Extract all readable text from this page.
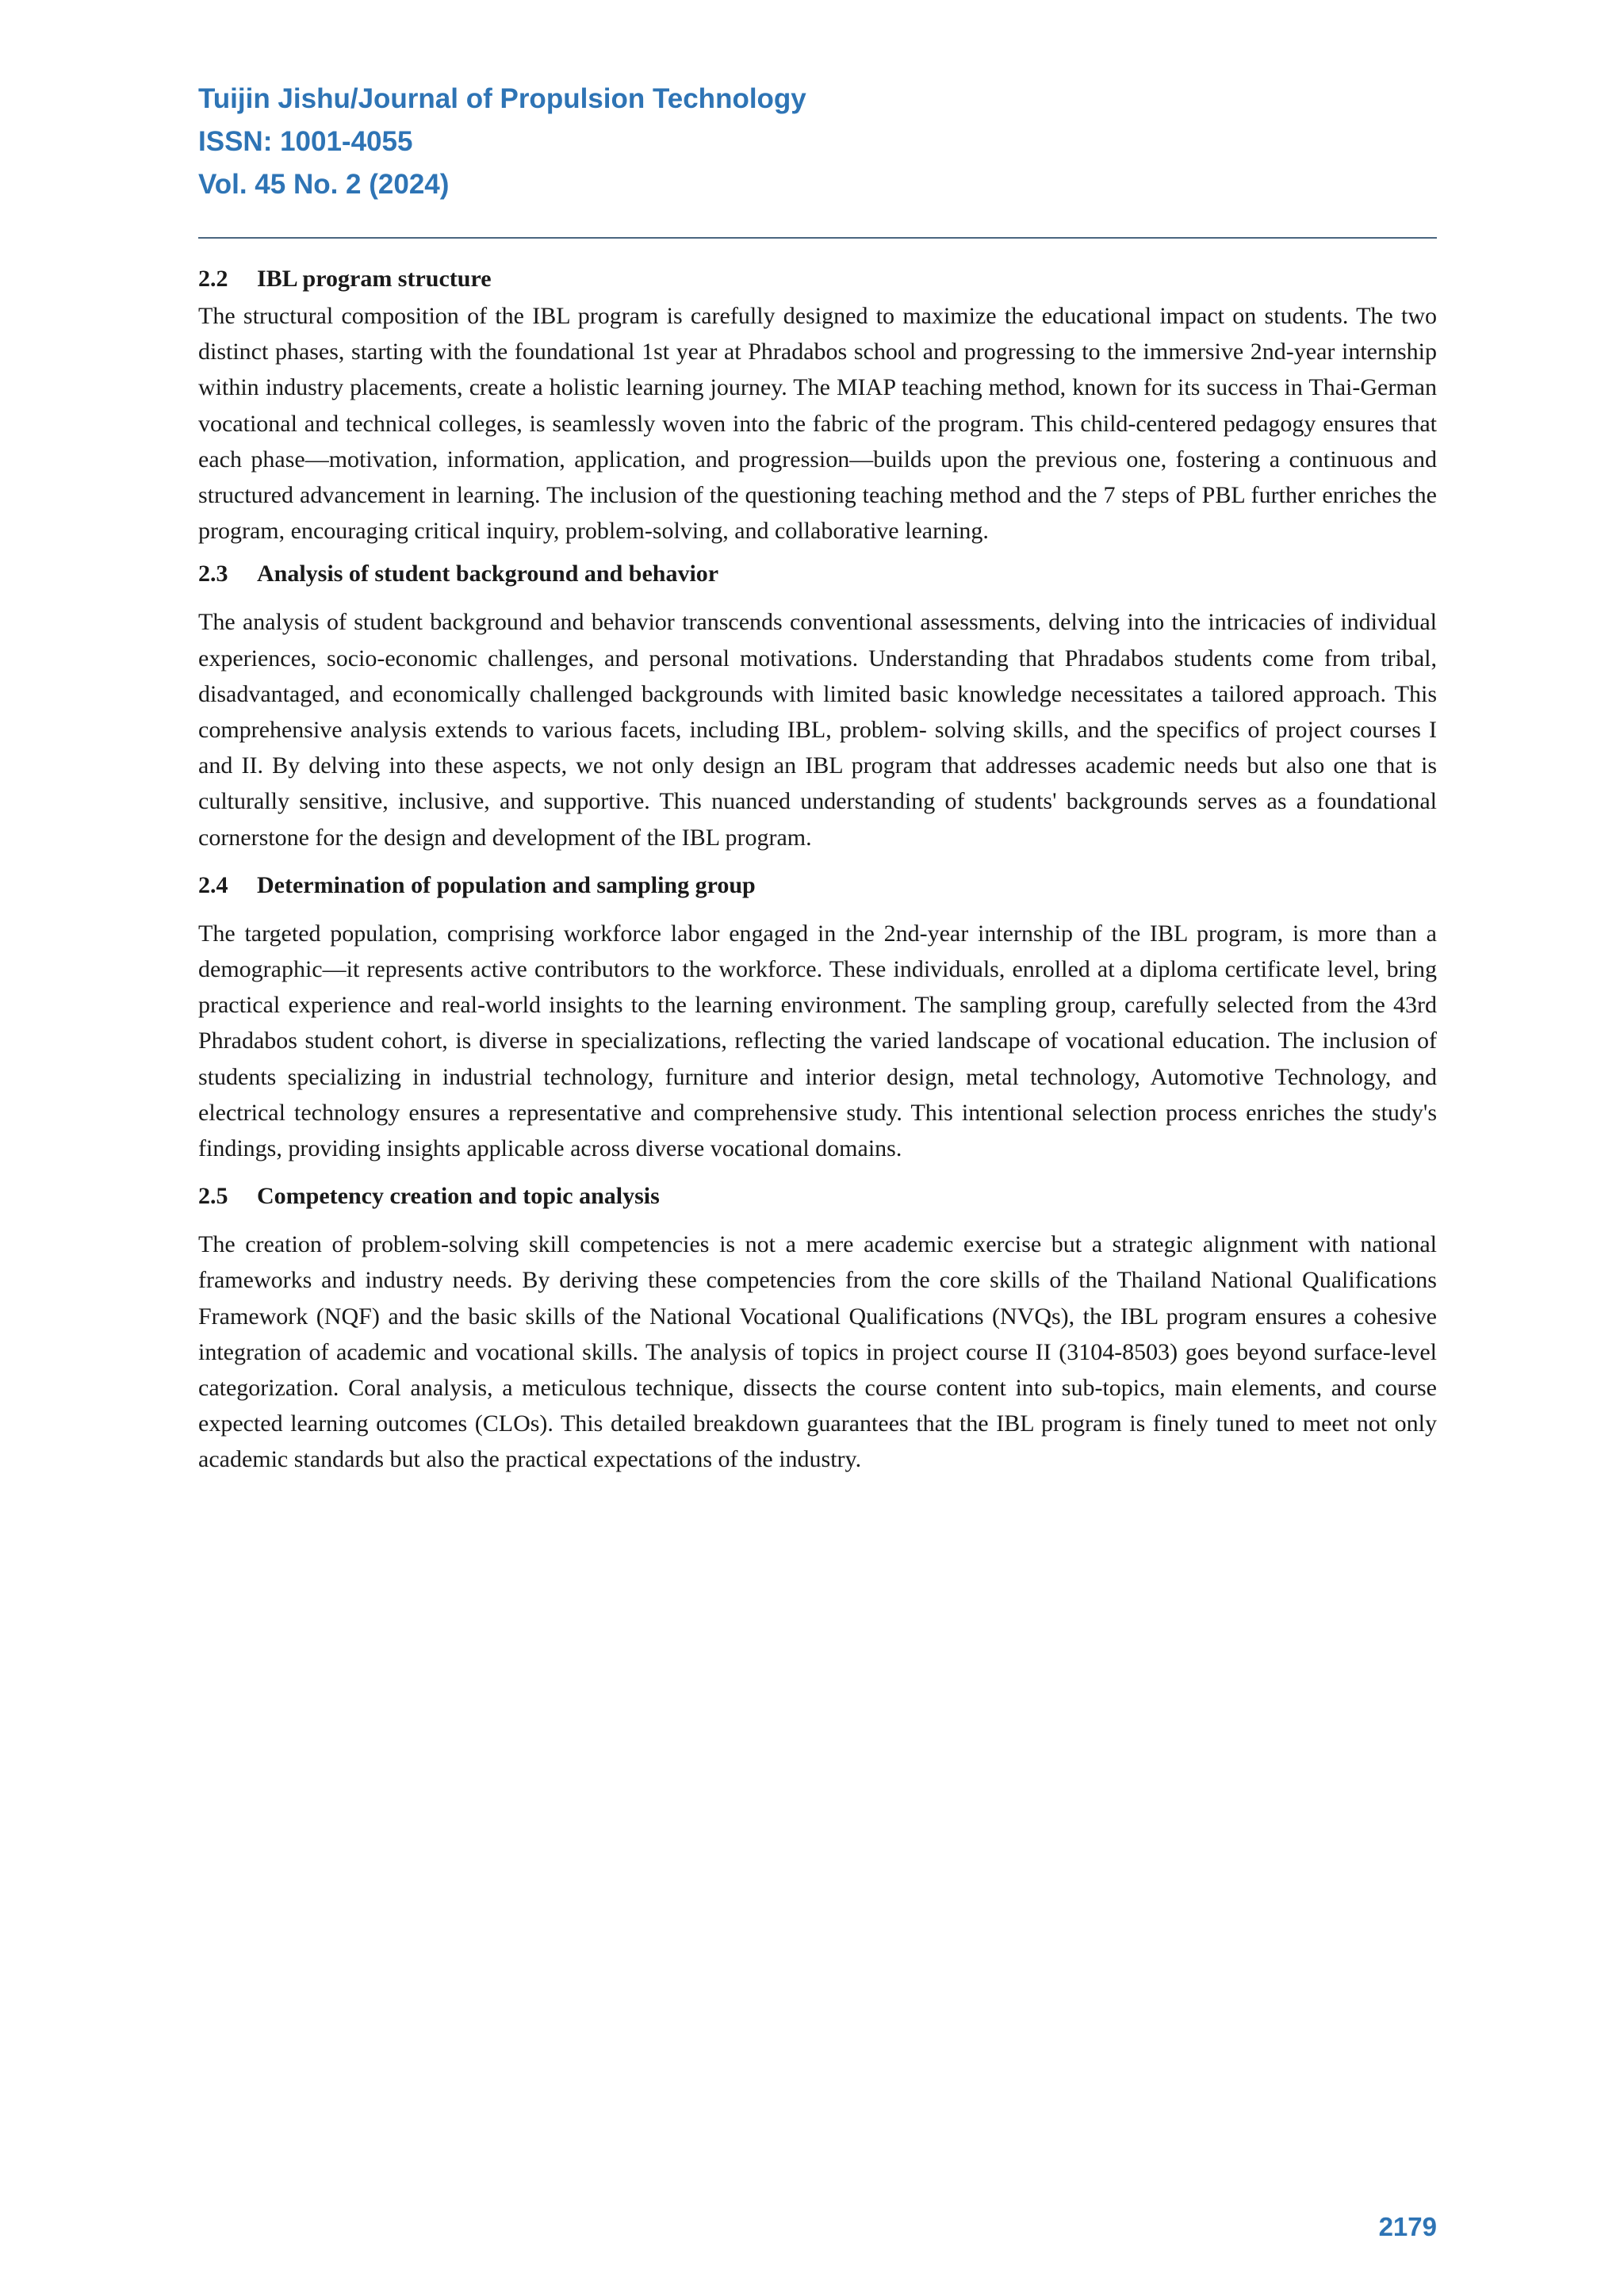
Tuijin Jishu/Journal of Propulsion Technology
ISSN: 1001-4055
Vol. 45 No. 2 (2024)
2.2 IBL program structure

The structural composition of the IBL program is carefully designed to maximize the educational impact on students. The two distinct phases, starting with the foundational 1st year at Phradabos school and progressing to the immersive 2nd-year internship within industry placements, create a holistic learning journey. The MIAP teaching method, known for its success in Thai-German vocational and technical colleges, is seamlessly woven into the fabric of the program. This child-centered pedagogy ensures that each phase—motivation, information, application, and progression—builds upon the previous one, fostering a continuous and structured advancement in learning. The inclusion of the questioning teaching method and the 7 steps of PBL further enriches the program, encouraging critical inquiry, problem-solving, and collaborative learning.

2.3 Analysis of student background and behavior

The analysis of student background and behavior transcends conventional assessments, delving into the intricacies of individual experiences, socio-economic challenges, and personal motivations. Understanding that Phradabos students come from tribal, disadvantaged, and economically challenged backgrounds with limited basic knowledge necessitates a tailored approach. This comprehensive analysis extends to various facets, including IBL, problem- solving skills, and the specifics of project courses I and II. By delving into these aspects, we not only design an IBL program that addresses academic needs but also one that is culturally sensitive, inclusive, and supportive. This nuanced understanding of students' backgrounds serves as a foundational cornerstone for the design and development of the IBL program.

2.4 Determination of population and sampling group

The targeted population, comprising workforce labor engaged in the 2nd-year internship of the IBL program, is more than a demographic—it represents active contributors to the workforce. These individuals, enrolled at a diploma certificate level, bring practical experience and real-world insights to the learning environment. The sampling group, carefully selected from the 43rd Phradabos student cohort, is diverse in specializations, reflecting the varied landscape of vocational education. The inclusion of students specializing in industrial technology, furniture and interior design, metal technology, Automotive Technology, and electrical technology ensures a representative and comprehensive study. This intentional selection process enriches the study's findings, providing insights applicable across diverse vocational domains.

2.5 Competency creation and topic analysis

The creation of problem-solving skill competencies is not a mere academic exercise but a strategic alignment with national frameworks and industry needs. By deriving these competencies from the core skills of the Thailand National Qualifications Framework (NQF) and the basic skills of the National Vocational Qualifications (NVQs), the IBL program ensures a cohesive integration of academic and vocational skills. The analysis of topics in project course II (3104-8503) goes beyond surface-level categorization. Coral analysis, a meticulous technique, dissects the course content into sub-topics, main elements, and course expected learning outcomes (CLOs). This detailed breakdown guarantees that the IBL program is finely tuned to meet not only academic standards but also the practical expectations of the industry.

2179
